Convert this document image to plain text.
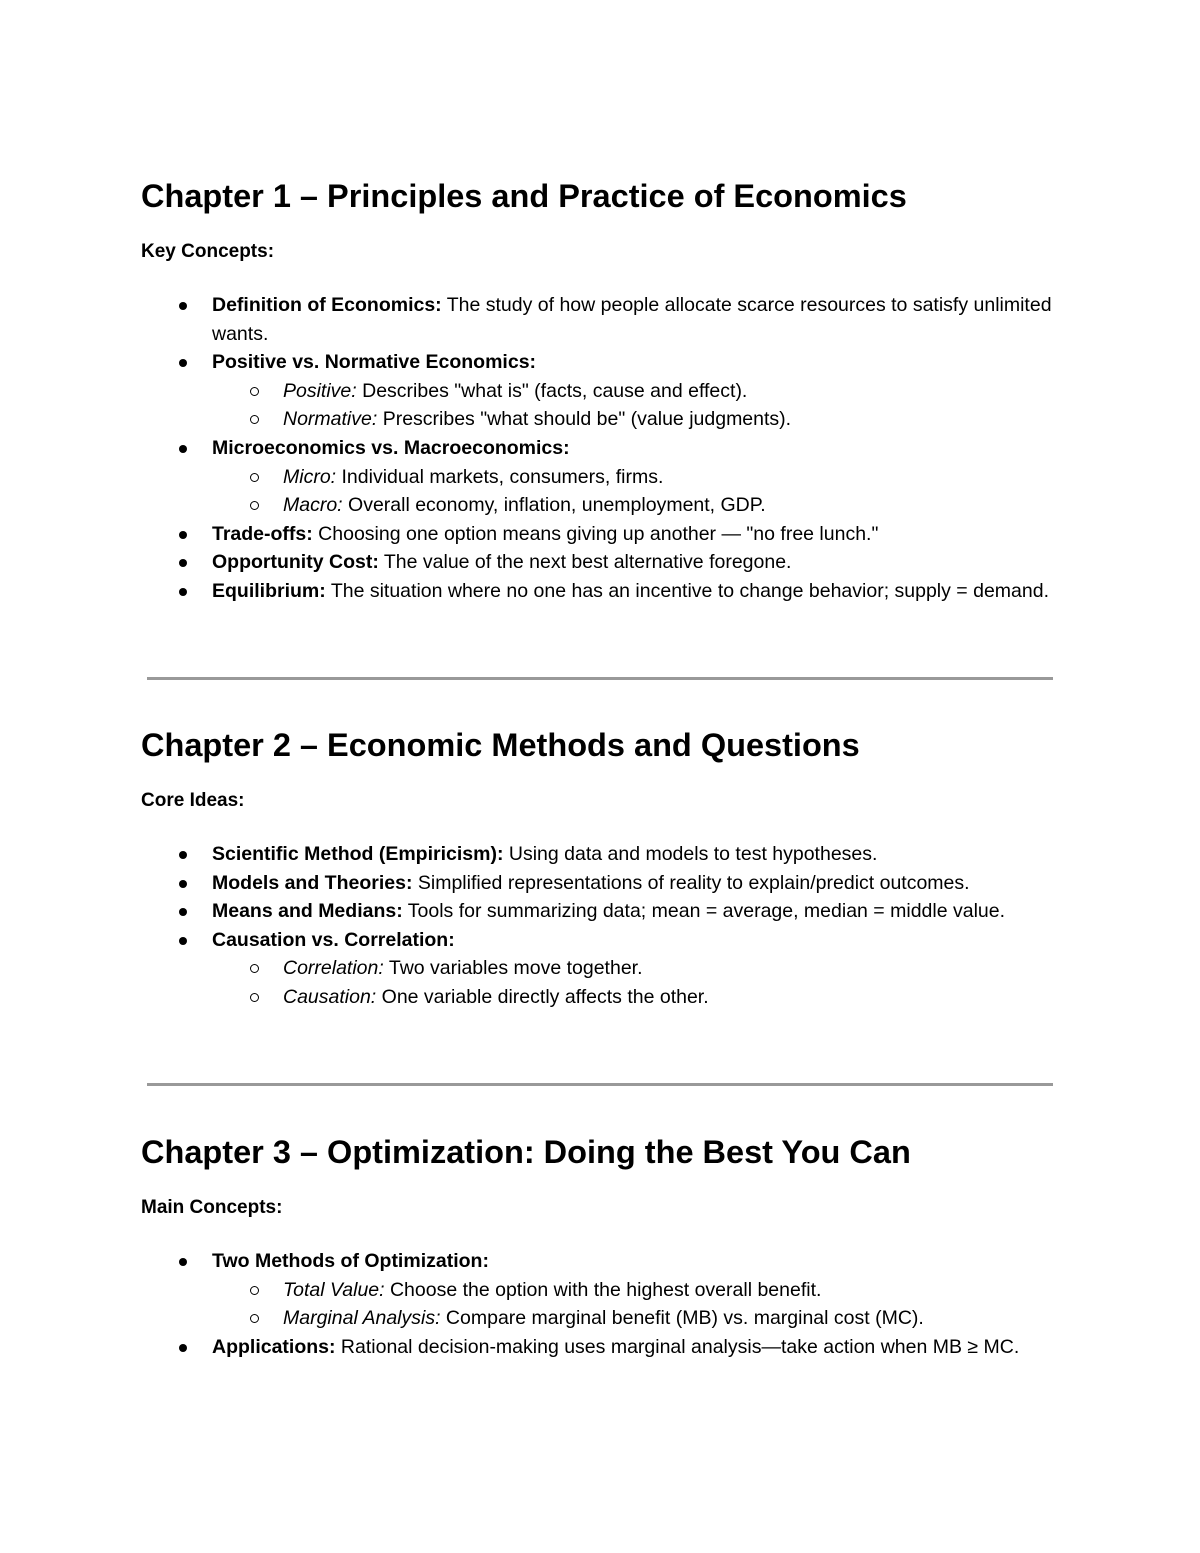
Chapter 1 – Principles and Practice of Economics
Key Concepts:
Definition of Economics: The study of how people allocate scarce resources to satisfy unlimited wants.
Positive vs. Normative Economics:
Positive: Describes "what is" (facts, cause and effect).
Normative: Prescribes "what should be" (value judgments).
Microeconomics vs. Macroeconomics:
Micro: Individual markets, consumers, firms.
Macro: Overall economy, inflation, unemployment, GDP.
Trade-offs: Choosing one option means giving up another — "no free lunch."
Opportunity Cost: The value of the next best alternative foregone.
Equilibrium: The situation where no one has an incentive to change behavior; supply = demand.
Chapter 2 – Economic Methods and Questions
Core Ideas:
Scientific Method (Empiricism): Using data and models to test hypotheses.
Models and Theories: Simplified representations of reality to explain/predict outcomes.
Means and Medians: Tools for summarizing data; mean = average, median = middle value.
Causation vs. Correlation:
Correlation: Two variables move together.
Causation: One variable directly affects the other.
Chapter 3 – Optimization: Doing the Best You Can
Main Concepts:
Two Methods of Optimization:
Total Value: Choose the option with the highest overall benefit.
Marginal Analysis: Compare marginal benefit (MB) vs. marginal cost (MC).
Applications: Rational decision-making uses marginal analysis—take action when MB ≥ MC.
